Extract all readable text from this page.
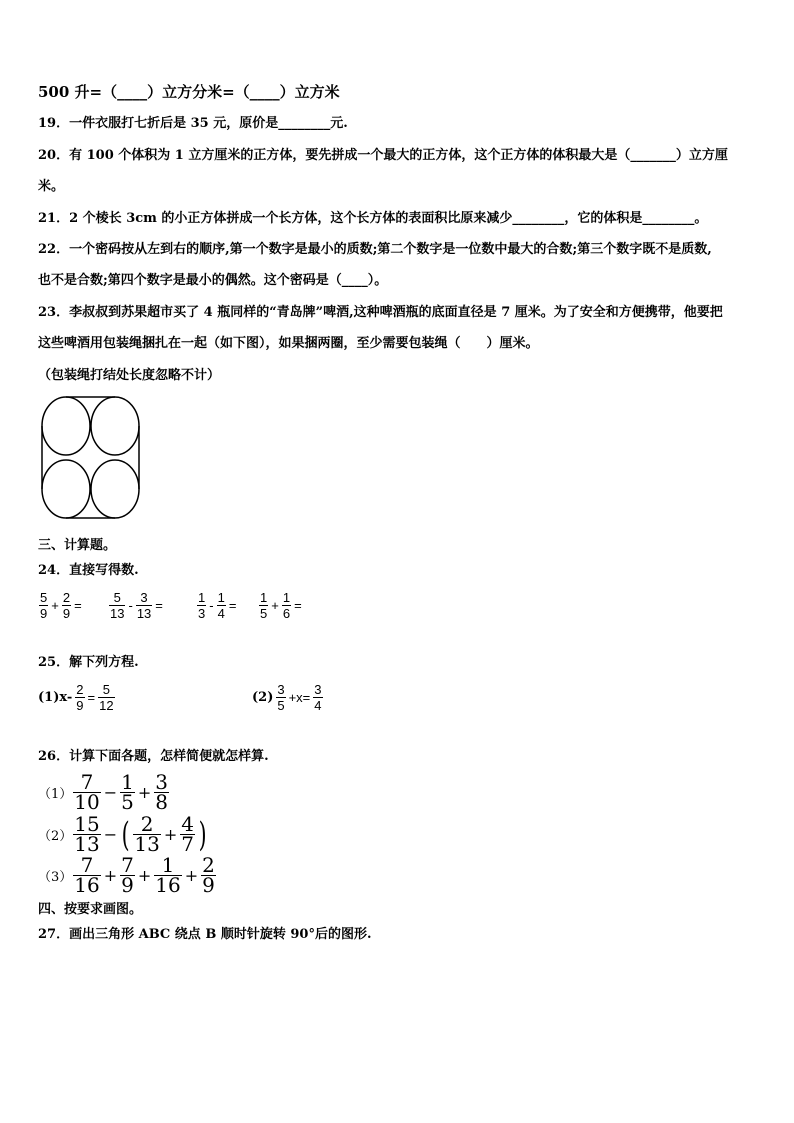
500 升=（____）立方分米=（____）立方米
19．一件衣服打七折后是 35 元，原价是________元.
20．有 100 个体积为 1 立方厘米的正方体，要先拼成一个最大的正方体，这个正方体的体积最大是（_______）立方厘
米。
21．2 个棱长 3cm 的小正方体拼成一个长方体，这个长方体的表面积比原来减少________，它的体积是________。
22．一个密码按从左到右的顺序,第一个数字是最小的质数;第二个数字是一位数中最大的合数;第三个数字既不是质数,
也不是合数;第四个数字是最小的偶然。这个密码是（____）。
23．李叔叔到苏果超市买了 4 瓶同样的“青岛牌”啤酒,这种啤酒瓶的底面直径是 7 厘米。为了安全和方便携带，他要把
这些啤酒用包装绳捆扎在一起（如下图），如果捆两圈，至少需要包装绳（　　）厘米。
（包装绳打结处长度忽略不计）
三、计算题。
24．直接写得数.
$\frac{5}{9} + \frac{2}{9} = \frac{5}{13} - \frac{3}{13}$ =	$\frac{1}{3} - \frac{1}{4} = \frac{1}{5} + \frac{1}{6}$ =
25．解下列方程.
$(1)x- \frac{2}{9} = \frac{5}{12}$	$(2) \frac{3}{5} +x= \frac{3}{4}$
26．计算下面各题，怎样简便就怎样算.
$(1) \frac{7}{10} - \frac{1}{5} + \frac{3}{8}$
$(2) \frac{15}{13}$ − ( $\frac{2}{13} + \frac{4}{7}$ )
$(3) \frac{7}{16} + \frac{7}{9} + \frac{1}{16} + \frac{2}{9}$
四、按要求画图。
27．画出三角形 ABC 绕点 B 顺时针旋转 90°后的图形.
